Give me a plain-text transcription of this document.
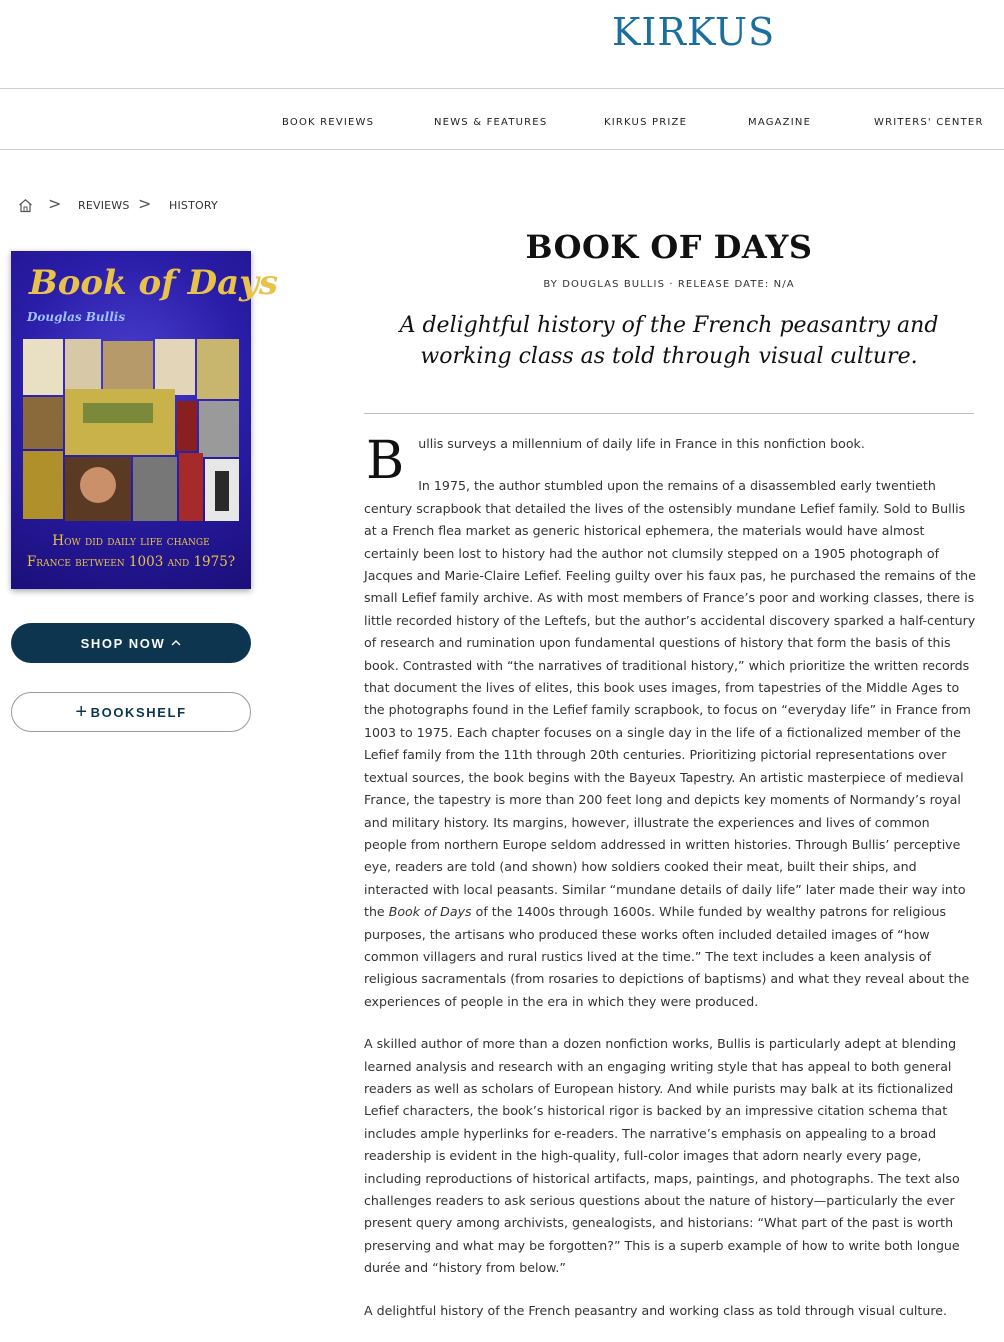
KIRKUS
BOOK REVIEWS	NEWS & FEATURES	KIRKUS PRIZE	MAGAZINE	WRITERS' CENTER
> REVIEWS > HISTORY
Book of Days
Douglas Bullis
How did daily life change
France between 1003 and 1975?
SHOP NOW
+ BOOKSHELF
BOOK OF DAYS
BY DOUGLAS BULLIS ‧ RELEASE DATE: N/A
A delightful history of the French peasantry and working class as told through visual culture.
B	ullis surveys a millennium of daily life in France in this nonfiction book.

In 1975, the author stumbled upon the remains of a disassembled early twentieth century scrapbook that detailed the lives of the ostensibly mundane Lefief family. Sold to Bullis at a French flea market as generic historical ephemera, the materials would have almost certainly been lost to history had the author not clumsily stepped on a 1905 photograph of Jacques and Marie-Claire Lefief. Feeling guilty over his faux pas, he purchased the remains of the small Lefief family archive. As with most members of France’s poor and working classes, there is little recorded history of the Leftefs, but the author’s accidental discovery sparked a half-century of research and rumination upon fundamental questions of history that form the basis of this book. Contrasted with “the narratives of traditional history,” which prioritize the written records that document the lives of elites, this book uses images, from tapestries of the Middle Ages to the photographs found in the Lefief family scrapbook, to focus on “everyday life” in France from 1003 to 1975. Each chapter focuses on a single day in the life of a fictionalized member of the Lefief family from the 11th through 20th centuries. Prioritizing pictorial representations over textual sources, the book begins with the Bayeux Tapestry. An artistic masterpiece of medieval France, the tapestry is more than 200 feet long and depicts key moments of Normandy’s royal and military history. Its margins, however, illustrate the experiences and lives of common people from northern Europe seldom addressed in written histories. Through Bullis’ perceptive eye, readers are told (and shown) how soldiers cooked their meat, built their ships, and interacted with local peasants. Similar “mundane details of daily life” later made their way into the Book of Days of the 1400s through 1600s. While funded by wealthy patrons for religious purposes, the artisans who produced these works often included detailed images of “how common villagers and rural rustics lived at the time.” The text includes a keen analysis of religious sacramentals (from rosaries to depictions of baptisms) and what they reveal about the experiences of people in the era in which they were produced.

A skilled author of more than a dozen nonfiction works, Bullis is particularly adept at blending learned analysis and research with an engaging writing style that has appeal to both general readers as well as scholars of European history. And while purists may balk at its fictionalized Lefief characters, the book’s historical rigor is backed by an impressive citation schema that includes ample hyperlinks for e-readers. The narrative’s emphasis on appealing to a broad readership is evident in the high-quality, full-color images that adorn nearly every page, including reproductions of historical artifacts, maps, paintings, and photographs. The text also challenges readers to ask serious questions about the nature of history—particularly the ever present query among archivists, genealogists, and historians: “What part of the past is worth preserving and what may be forgotten?” This is a superb example of how to write both longue durée and “history from below.”

A delightful history of the French peasantry and working class as told through visual culture.
